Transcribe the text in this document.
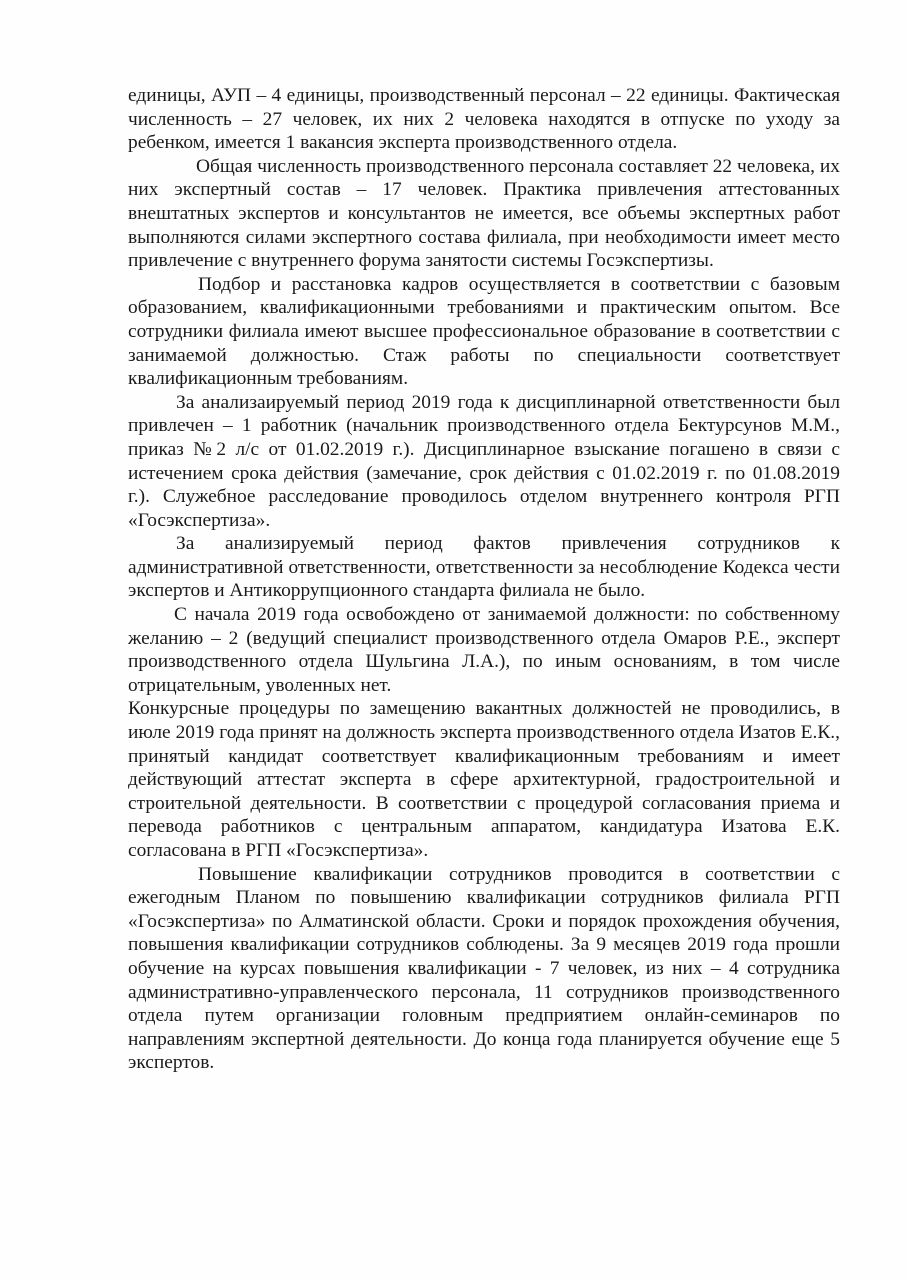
единицы, АУП – 4 единицы, производственный персонал – 22 единицы. Фактическая численность – 27 человек, их них 2 человека находятся в отпуске по уходу за ребенком, имеется 1 вакансия эксперта производственного отдела.

Общая численность производственного персонала составляет 22 человека, их них экспертный состав – 17 человек. Практика привлечения аттестованных внештатных экспертов и консультантов не имеется, все объемы экспертных работ выполняются силами экспертного состава филиала, при необходимости имеет место привлечение с внутреннего форума занятости системы Госэкспертизы.

Подбор и расстановка кадров осуществляется в соответствии с базовым образованием, квалификационными требованиями и практическим опытом. Все сотрудники филиала имеют высшее профессиональное образование в соответствии с занимаемой должностью. Стаж работы по специальности соответствует квалификационным требованиям.

За анализаируемый период 2019 года к дисциплинарной ответственности был привлечен – 1 работник (начальник производственного отдела Бектурсунов М.М., приказ №2 л/с от 01.02.2019 г.). Дисциплинарное взыскание погашено в связи с истечением срока действия (замечание, срок действия с 01.02.2019 г. по 01.08.2019 г.). Служебное расследование проводилось отделом внутреннего контроля РГП «Госэкспертиза».

За анализируемый период фактов привлечения сотрудников к административной ответственности, ответственности за несоблюдение Кодекса чести экспертов и Антикоррупционного стандарта филиала не было.

С начала 2019 года освобождено от занимаемой должности: по собственному желанию – 2 (ведущий специалист производственного отдела Омаров Р.Е., эксперт производственного отдела Шульгина Л.А.), по иным основаниям, в том числе отрицательным, уволенных нет.

Конкурсные процедуры по замещению вакантных должностей не проводились, в июле 2019 года принят на должность эксперта производственного отдела Изатов Е.К., принятый кандидат соответствует квалификационным требованиям и имеет действующий аттестат эксперта в сфере архитектурной, градостроительной и строительной деятельности. В соответствии с процедурой согласования приема и перевода работников с центральным аппаратом, кандидатура Изатова Е.К. согласована в РГП «Госэкспертиза».

Повышение квалификации сотрудников проводится в соответствии с ежегодным Планом по повышению квалификации сотрудников филиала РГП «Госэкспертиза» по Алматинской области. Сроки и порядок прохождения обучения, повышения квалификации сотрудников соблюдены. За 9 месяцев 2019 года прошли обучение на курсах повышения квалификации - 7 человек, из них – 4 сотрудника административно-управленческого персонала, 11 сотрудников производственного отдела путем организации головным предприятием онлайн-семинаров по направлениям экспертной деятельности. До конца года планируется обучение еще 5 экспертов.
